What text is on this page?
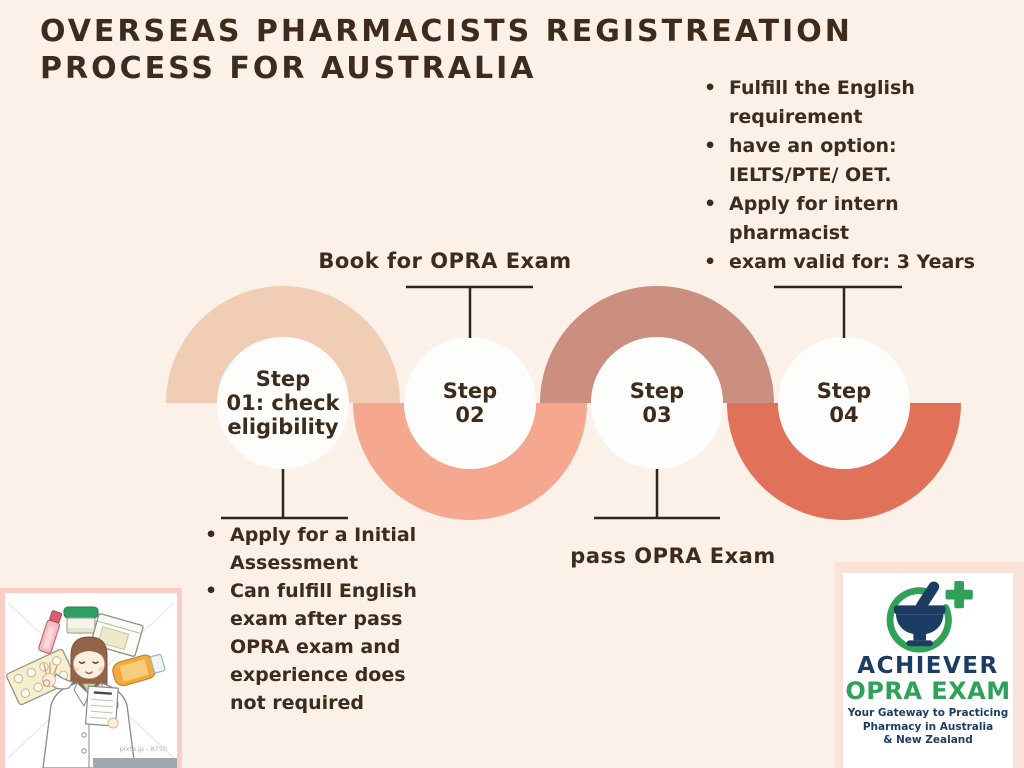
OVERSEAS PHARMACISTS REGISTREATION
PROCESS FOR AUSTRALIA
Step
01: check
eligibility
Step
02
Step
03
Step
04
Book for OPRA Exam
pass OPRA Exam
• Fulfill the English requirement
• have an option: IELTS/PTE/ OET.
• Apply for intern pharmacist
• exam valid for: 3 Years
• Apply for a Initial Assessment
• Can fulfill English exam after pass OPRA exam and experience does not required
ACHIEVER
OPRA EXAM
Your Gateway to Practicing
Pharmacy in Australia
& New Zealand
pixta.jp - 8750
